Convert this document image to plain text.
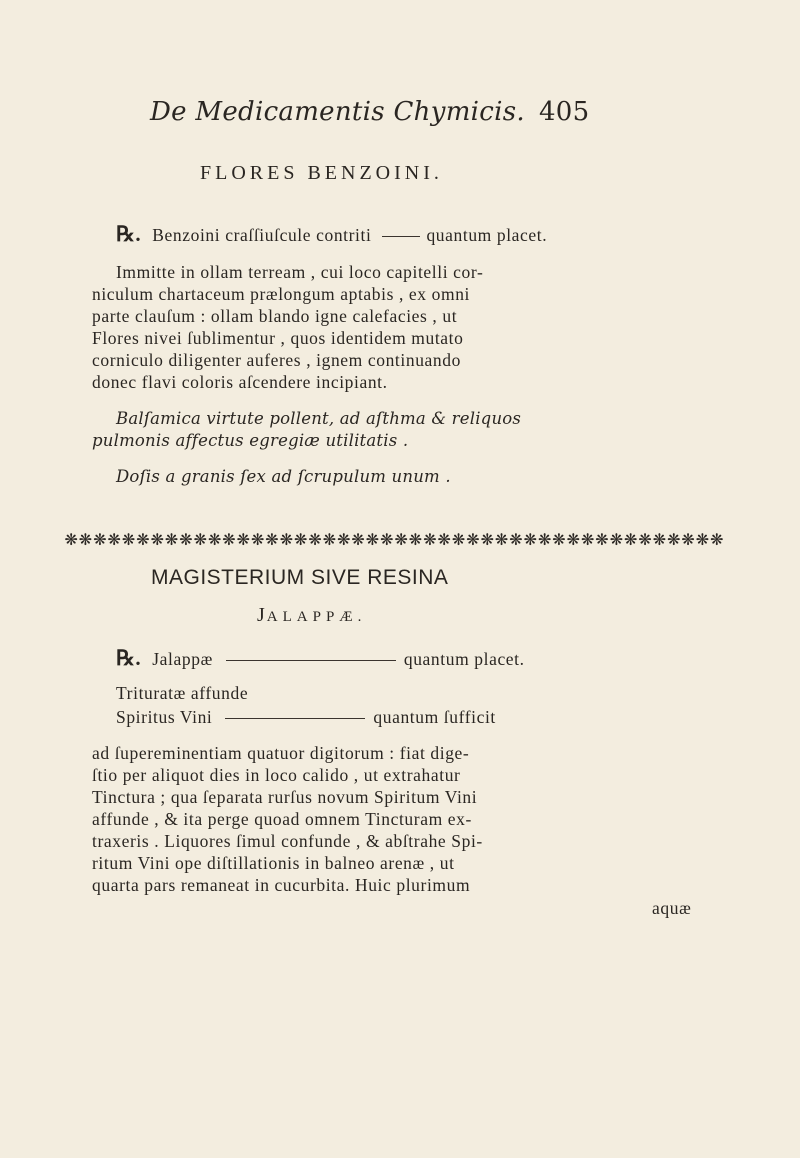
De Medicamentis Chymicis. 405
FLORES BENZOINI.
℞. Benzoini craſſiuſcule contriti	quantum placet.
Immitte in ollam terream , cui loco capitelli cor-
niculum chartaceum prælongum aptabis , ex omni
parte clauſum : ollam blando igne calefacies , ut
Flores nivei ſublimentur , quos identidem mutato
corniculo diligenter auferes , ignem continuando
donec flavi coloris aſcendere incipiant.
Balſamica virtute pollent, ad aſthma & reliquos
pulmonis affectus egregiæ utilitatis .
Doſis a granis ſex ad ſcrupulum unum .
❋ ❋ ❋ ❋ ❋ ❋ ❋ ❋ ❋ ❋ ❋ ❋ ❋ ❋ ❋ ❋ ❋ ❋ ❋ ❋ ❋ ❋ ❋ ❋ ❋ ❋ ❋ ❋ ❋ ❋ ❋ ❋ ❋ ❋ ❋ ❋ ❋ ❋ ❋ ❋ ❋ ❋ ❋ ❋ ❋ ❋
MAGISTERIUM SIVE RESINA
JALAPPÆ.
℞. Jalappæ	quantum placet.
Trituratæ affunde
Spiritus Vini	quantum ſufficit
ad ſupereminentiam quatuor digitorum : fiat dige-
ſtio per aliquot dies in loco calido , ut extrahatur
Tinctura ; qua ſeparata rurſus novum Spiritum Vini
affunde , & ita perge quoad omnem Tincturam ex-
traxeris . Liquores ſimul confunde , & abſtrahe Spi-
ritum Vini ope diſtillationis in balneo arenæ , ut
quarta pars remaneat in cucurbita. Huic plurimum
aquæ
